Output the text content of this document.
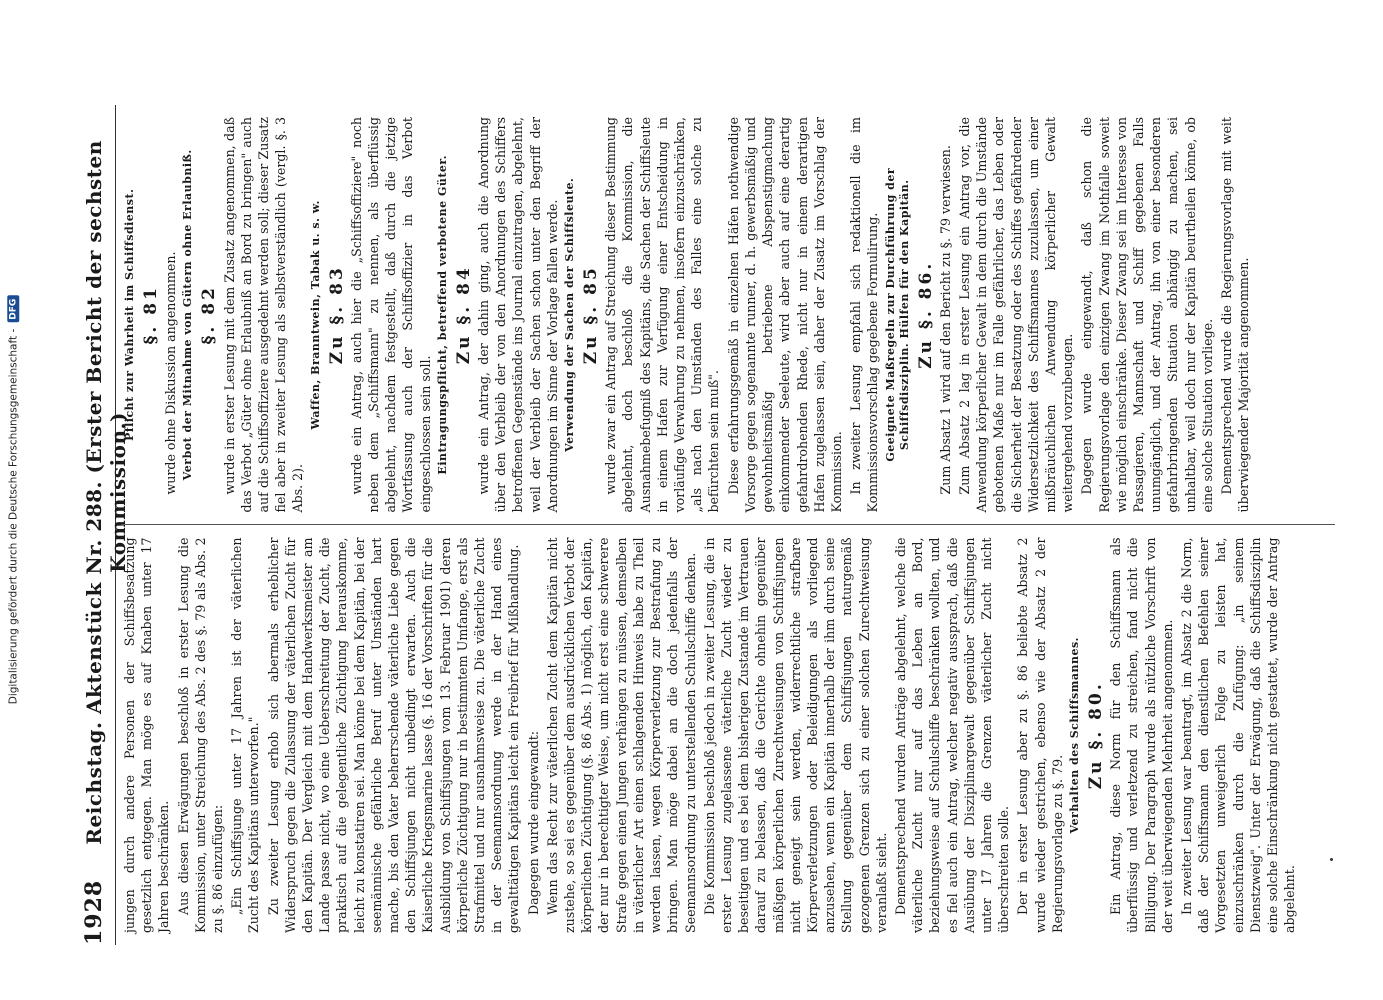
Digitalisierung gefördert durch die Deutsche Forschungsgemeinschaft -
DFG
1928
Reichstag. Aktenstück Nr. 288. (Erster Bericht der sechsten Kommission.)

jungen durch andere Personen der Schiffsbesatzung gesetzlich entgegen. Man möge es auf Knaben unter 17 Jahren beschränken. Aus diesen Erwägungen beschloß in erster Lesung die Kommission, unter Streichung des Abs. 2 des §. 79 als Abs. 2 zu §. 86 einzufügen: „Ein Schiffsjunge unter 17 Jahren ist der väterlichen Zucht des Kapitäns unterworfen." Zu zweiter Lesung erhob sich abermals erheblicher Widerspruch gegen die Zulassung der väterlichen Zucht für den Kapitän. Der Vergleich mit dem Handwerksmeister am Lande passe nicht, wo eine Ueberschreitung der Zucht, die praktisch auf die gelegentliche Züchtigung herauskomme, leicht zu konstatiren sei. Man könne bei dem Kapitän, bei der seemännische gefährliche Beruf unter Umständen hart mache, bis den Vater beherrschende väterliche Liebe gegen den Schiffsjungen nicht unbedingt erwarten. Auch die Kaiserliche Kriegsmarine lasse (§. 16 der Vorschriften für die Ausbildung von Schiffsjungen vom 13. Februar 1901) deren körperliche Züchtigung nur in bestimmtem Umfange, erst als Strafmittel und nur ausnahmsweise zu. Die väterliche Zucht in der Seemannsordnung werde in der Hand eines gewalttätigen Kapitäns leicht ein Freibrief für Mißhandlung. Dagegen wurde eingewandt: Wenn das Recht zur väterlichen Zucht dem Kapitän nicht zustehe, so sei es gegenüber dem ausdrücklichen Verbot der körperlichen Züchtigung (§. 86 Abs. 1) möglich, den Kapitän, der nur in berechtigter Weise, um nicht erst eine schwerere Strafe gegen einen Jungen verhängen zu müssen, demselben in väterlicher Art einen schlagenden Hinweis habe zu Theil werden lassen, wegen Körperverletzung zur Bestrafung zu bringen. Man möge dabei an die doch jedenfalls der Seemannsordnung zu unterstellenden Schulschiffe denken. Die Kommission beschloß jedoch in zweiter Lesung, die in erster Lesung zugelassene väterliche Zucht wieder zu beseitigen und es bei dem bisherigen Zustande im Vertrauen darauf zu belassen, daß die Gerichte ohnehin gegenüber mäßigen körperlichen Zurechtweisungen von Schiffsjungen nicht geneigt sein werden, widerrechtliche strafbare Körperverletzungen oder Beleidigungen als vorliegend anzusehen, wenn ein Kapitän innerhalb der ihm durch seine Stellung gegenüber dem Schiffsjungen naturgemäß gezogenen Grenzen sich zu einer solchen Zurechtweisung veranlaßt sieht. Dementsprechend wurden Anträge abgelehnt, welche die väterliche Zucht nur auf das Leben an Bord, beziehungsweise auf Schulschiffe beschränken wollten, und es fiel auch ein Antrag, welcher negativ aussprach, daß die Ausübung der Disziplinargewalt gegenüber Schiffsjungen unter 17 Jahren die Grenzen väterlicher Zucht nicht überschreiten solle. Der in erster Lesung aber zu §. 86 beliebte Absatz 2 wurde wieder gestrichen, ebenso wie der Absatz 2 der Regierungsvorlage zu §. 79.

Verhalten des Schiffsmannes. Zu §. 80. Ein Antrag, diese Norm für den Schiffsmann als überflüssig und verletzend zu streichen, fand nicht die Billigung. Der Paragraph wurde als nützliche Vorschrift von der weit überwiegenden Mehrheit angenommen. In zweiter Lesung war beantragt, im Absatz 2 die Norm, daß der Schiffsmann den dienstlichen Befehlen seiner Vorgesetzten unweigerlich Folge zu leisten hat, einzuschränken durch die Zufügung: „in seinem Dienstzweig". Unter der Erwägung, daß die Schiffsdisziplin eine solche Einschränkung nicht gestattet, wurde der Antrag abgelehnt.

Pflicht zur Wahrheit im Schiffsdienst. §. 81 wurde ohne Diskussion angenommen. Verbot der Mitnahme von Gütern ohne Erlaubniß. §. 82 wurde in erster Lesung mit dem Zusatz angenommen, daß das Verbot „Güter ohne Erlaubniß an Bord zu bringen" auch auf die Schiffsoffiziere ausgedehnt werden soll; dieser Zusatz fiel aber in zweiter Lesung als selbstverständlich (vergl. §. 3 Abs. 2).

Waffen, Branntwein, Tabak u. s. w. Zu §. 83 wurde ein Antrag, auch hier die „Schiffsoffiziere" noch neben dem „Schiffsmann" zu nennen, als überflüssig abgelehnt, nachdem festgestellt, daß durch die jetzige Wortfassung auch der Schiffsoffizier in das Verbot eingeschlossen sein soll. Eintragungspflicht, betreffend verbotene Güter. Zu §. 84 wurde ein Antrag, der dahin ging, auch die Anordnung über den Verbleib der von den Anordnungen des Schiffers betroffenen Gegenstände ins Journal einzutragen, abgelehnt, weil der Verbleib der Sachen schon unter den Begriff der Anordnungen im Sinne der Vorlage fallen werde. Verwendung der Sachen der Schiffsleute. Zu §. 85 wurde zwar ein Antrag auf Streichung dieser Bestimmung abgelehnt, doch beschloß die Kommission, die Ausnahmebefugniß des Kapitäns, die Sachen der Schiffsleute in einem Hafen zur Verfügung einer Entscheidung in vorläufige Verwahrung zu nehmen, insofern einzuschränken, „als nach den Umständen des Falles eine solche zu befürchten sein muß". Diese erfahrungsgemäß in einzelnen Häfen nothwendige Vorsorge gegen sogenannte runner, d. h. gewerbsmäßig und gewohnheitsmäßig betriebene Abspenstigmachung einkommender Seeleute, wird aber auch auf eine derartig gefahrdrohenden Rhede, nicht nur in einem derartigen Hafen zugelassen sein, daher der Zusatz im Vorschlag der Kommission. In zweiter Lesung empfahl sich redaktionell die im Kommissionsvorschlag gegebene Formulirung. Geeignete Maßregeln zur Durchführung der Schiffsdisziplin. Hülfen für den Kapitän. Zu §. 86. Zum Absatz 1 wird auf den Bericht zu §. 79 verwiesen. Zum Absatz 2 lag in erster Lesung ein Antrag vor, die Anwendung körperlicher Gewalt in dem durch die Umstände gebotenen Maße nur im Falle gefährlicher, das Leben oder die Sicherheit der Besatzung oder des Schiffes gefährdender Widersetzlichkeit des Schiffsmannes zuzulassen, um einer mißbräuchlichen Anwendung körperlicher Gewalt weitergehend vorzubeugen. Dagegen wurde eingewandt, daß schon die Regierungsvorlage den einzigen Zwang im Nothfalle soweit wie möglich einschränke. Dieser Zwang sei im Interesse von Passagieren, Mannschaft und Schiff gegebenen Falls unumgänglich, und der Antrag, ihn von einer besonderen gefahrbringenden Situation abhängig zu machen, sei unhaltbar, weil doch nur der Kapitän beurtheilen könne, ob eine solche Situation vorliege. Dementsprechend wurde die Regierungsvorlage mit weit überwiegender Majorität angenommen.
